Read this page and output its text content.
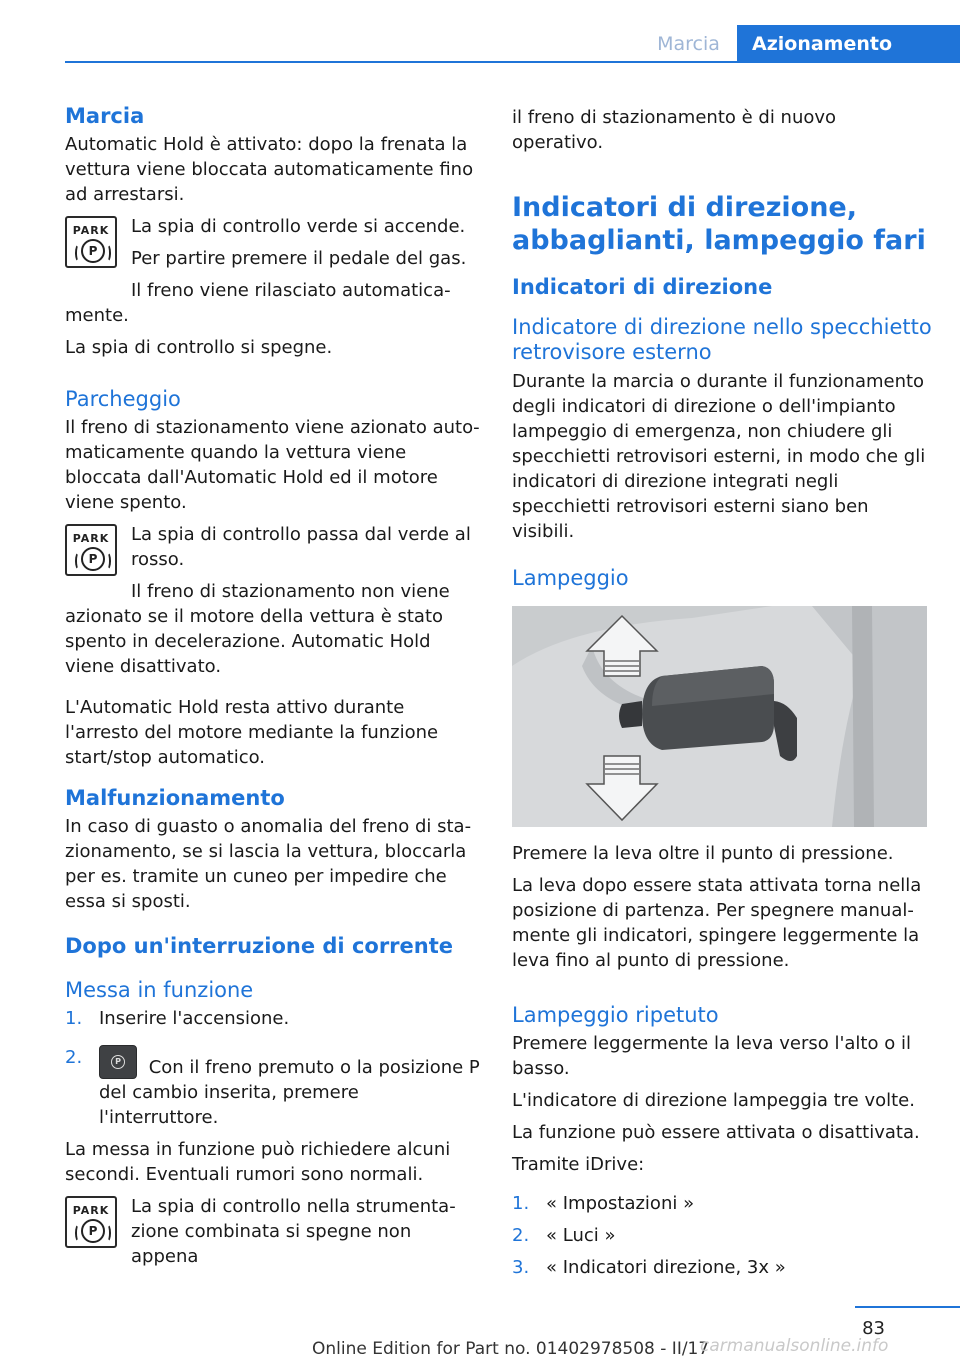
Marcia	Azionamento
Marcia

Automatic Hold è attivato: dopo la frenata la vettura viene bloccata automaticamente fino ad arrestarsi.

PARK
P

La spia di controllo verde si accende.

Per partire premere il pedale del gas.

Il freno viene rilasciato automaticamente.

La spia di controllo si spegne.

Parcheggio

Il freno di stazionamento viene azionato automaticamente quando la vettura viene bloccata dall'Automatic Hold ed il motore viene spento.

PARK
P

La spia di controllo passa dal verde al rosso.

Il freno di stazionamento non viene azionato se il motore della vettura è stato spento in decelerazione. Automatic Hold viene disattivato.

L'Automatic Hold resta attivo durante l'arresto del motore mediante la funzione start/stop automatico.

Malfunzionamento

In caso di guasto o anomalia del freno di stazionamento, se si lascia la vettura, bloccarla per es. tramite un cuneo per impedire che essa si sposti.

Dopo un'interruzione di corrente
Messa in funzione
1. Inserire l'accensione.
2.	P Con il freno premuto o la posizione P del cambio inserita, premere l'interruttore.

La messa in funzione può richiedere alcuni secondi. Eventuali rumori sono normali.

PARK
P

La spia di controllo nella strumentazione combinata si spegne non appena

il freno di stazionamento è di nuovo operativo.

Indicatori di direzione, abbaglianti, lampeggio fari
Indicatori di direzione
Indicatore di direzione nello specchietto retrovisore esterno

Durante la marcia o durante il funzionamento degli indicatori di direzione o dell'impianto lampeggio di emergenza, non chiudere gli specchietti retrovisori esterni, in modo che gli indicatori di direzione integrati negli specchietti retrovisori esterni siano ben visibili.

Lampeggio

Premere la leva oltre il punto di pressione.

La leva dopo essere stata attivata torna nella posizione di partenza. Per spegnere manualmente gli indicatori, spingere leggermente la leva fino al punto di pressione.

Lampeggio ripetuto

Premere leggermente la leva verso l'alto o il basso.

L'indicatore di direzione lampeggia tre volte.

La funzione può essere attivata o disattivata.

Tramite iDrive:

1. « Impostazioni »
2. « Luci »
3. « Indicatori direzione, 3x »
83
Online Edition for Part no. 01402978508 - II/17
carmanualsonline.info
